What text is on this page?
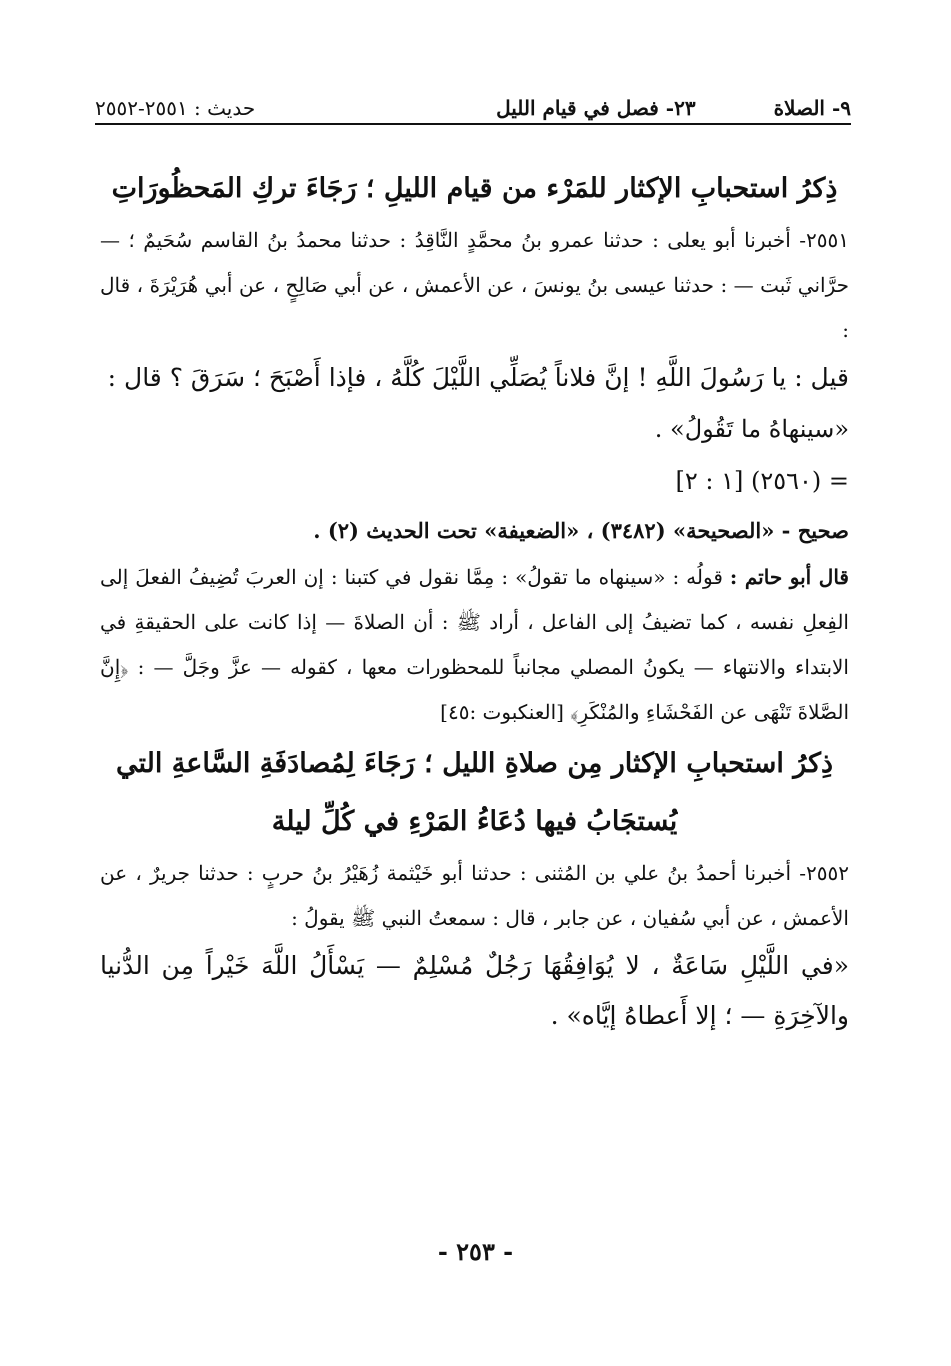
٩- الصلاة
٢٣- فصل في قيام الليل
حديث : ٢٥٥١-٢٥٥٢

ذِكرُ استحبابِ الإكثار للمَرْء من قيام الليلِ ؛ رَجَاءَ تركِ المَحظُورَاتِ

٢٥٥١- أخبرنا أبو يعلى : حدثنا عمرو بنُ محمَّدٍ النَّاقِدُ : حدثنا محمدُ بنُ القاسم سُحَيمٌ ؛ — حرَّاني ثَبت — : حدثنا عيسى بنُ يونسَ ، عن الأعمش ، عن أبي صَالِحٍ ، عن أبي هُرَيْرَةَ ، قال :

قيل : يا رَسُولَ اللَّهِ ! إنَّ فلاناً يُصَلِّي اللَّيْلَ كُلَّهُ ، فإذا أَصْبَحَ ؛ سَرَقَ ؟ قال :

«سينهاهُ ما تَقُولُ» .

= (٢٥٦٠) [١ : ٢]

صحيح - «الصحيحة» (٣٤٨٢) ، «الضعيفة» تحت الحديث (٢) .

قال أبو حاتم : قولُه : «سينهاه ما تقولُ» : مِمَّا نقول في كتبنا : إن العربَ تُضِيفُ الفعلَ إلى الفِعلِ نفسه ، كما تضيفُ إلى الفاعل ، أراد ﷺ : أن الصلاةَ — إذا كانت على الحقيقةِ في الابتداء والانتهاء — يكونُ المصلي مجانباً للمحظورات معها ، كقوله — عزَّ وجَلَّ — : ﴿إِنَّ الصَّلاةَ تَنْهَى عن الفَحْشَاءِ والمُنْكَرِ﴾ [العنكبوت :٤٥]

ذِكرُ استحبابِ الإكثار مِن صلاةِ الليل ؛ رَجَاءَ لِمُصادَفَةِ السَّاعةِ التي يُستجَابُ فيها دُعَاءُ المَرْءِ في كُلِّ ليلة

٢٥٥٢- أخبرنا أحمدُ بنُ علي بن المُثنى : حدثنا أبو خَيْثمة زُهَيْرُ بنُ حربٍ : حدثنا جريرٌ ، عن الأعمش ، عن أبي سُفيان ، عن جابر ، قال : سمعتُ النبي ﷺ يقولُ :

«في اللَّيْلِ سَاعَةٌ ، لا يُوَافِقُهَا رَجُلٌ مُسْلِمٌ — يَسْأَلُ اللَّهَ خَيْراً مِن الدُّنيا والآخِرَةِ — ؛ إلا أَعطاهُ إيَّاه» .

- ٢٥٣ -
